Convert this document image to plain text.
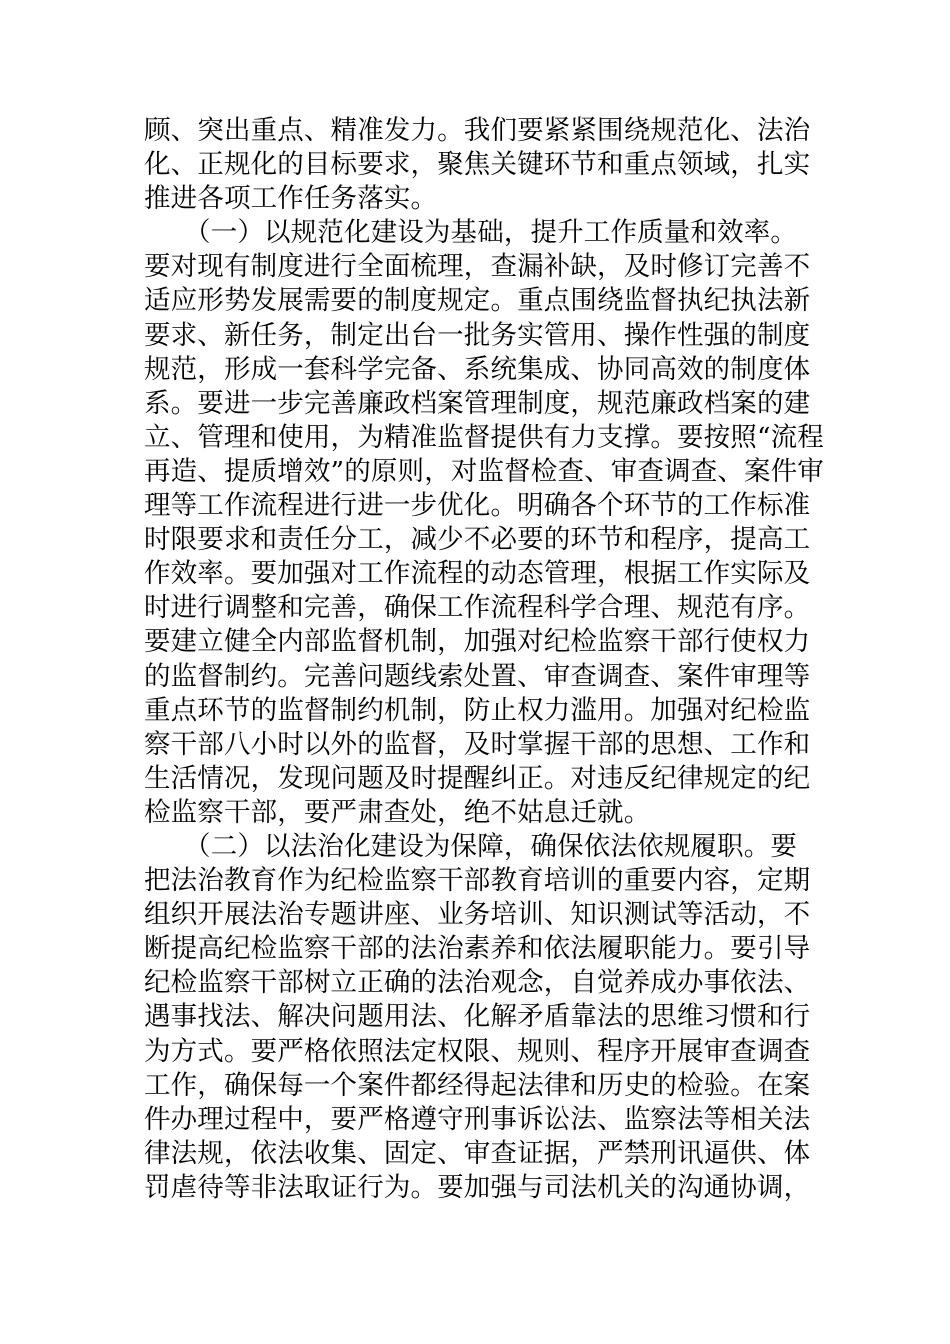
顾、突出重点、精准发力。我们要紧紧围绕规范化、法治
化、正规化的目标要求，聚焦关键环节和重点领域，扎实
推进各项工作任务落实。
　　（一）以规范化建设为基础，提升工作质量和效率。
要对现有制度进行全面梳理，查漏补缺，及时修订完善不
适应形势发展需要的制度规定。重点围绕监督执纪执法新
要求、新任务，制定出台一批务实管用、操作性强的制度
规范，形成一套科学完备、系统集成、协同高效的制度体
系。要进一步完善廉政档案管理制度，规范廉政档案的建
立、管理和使用，为精准监督提供有力支撑。要按照“流程
再造、提质增效”的原则，对监督检查、审查调查、案件审
理等工作流程进行进一步优化。明确各个环节的工作标准
时限要求和责任分工，减少不必要的环节和程序，提高工
作效率。要加强对工作流程的动态管理，根据工作实际及
时进行调整和完善，确保工作流程科学合理、规范有序。
要建立健全内部监督机制，加强对纪检监察干部行使权力
的监督制约。完善问题线索处置、审查调查、案件审理等
重点环节的监督制约机制，防止权力滥用。加强对纪检监
察干部八小时以外的监督，及时掌握干部的思想、工作和
生活情况，发现问题及时提醒纠正。对违反纪律规定的纪
检监察干部，要严肃查处，绝不姑息迁就。
　　（二）以法治化建设为保障，确保依法依规履职。要
把法治教育作为纪检监察干部教育培训的重要内容，定期
组织开展法治专题讲座、业务培训、知识测试等活动，不
断提高纪检监察干部的法治素养和依法履职能力。要引导
纪检监察干部树立正确的法治观念，自觉养成办事依法、
遇事找法、解决问题用法、化解矛盾靠法的思维习惯和行
为方式。要严格依照法定权限、规则、程序开展审查调查
工作，确保每一个案件都经得起法律和历史的检验。在案
件办理过程中，要严格遵守刑事诉讼法、监察法等相关法
律法规，依法收集、固定、审查证据，严禁刑讯逼供、体
罚虐待等非法取证行为。要加强与司法机关的沟通协调，
